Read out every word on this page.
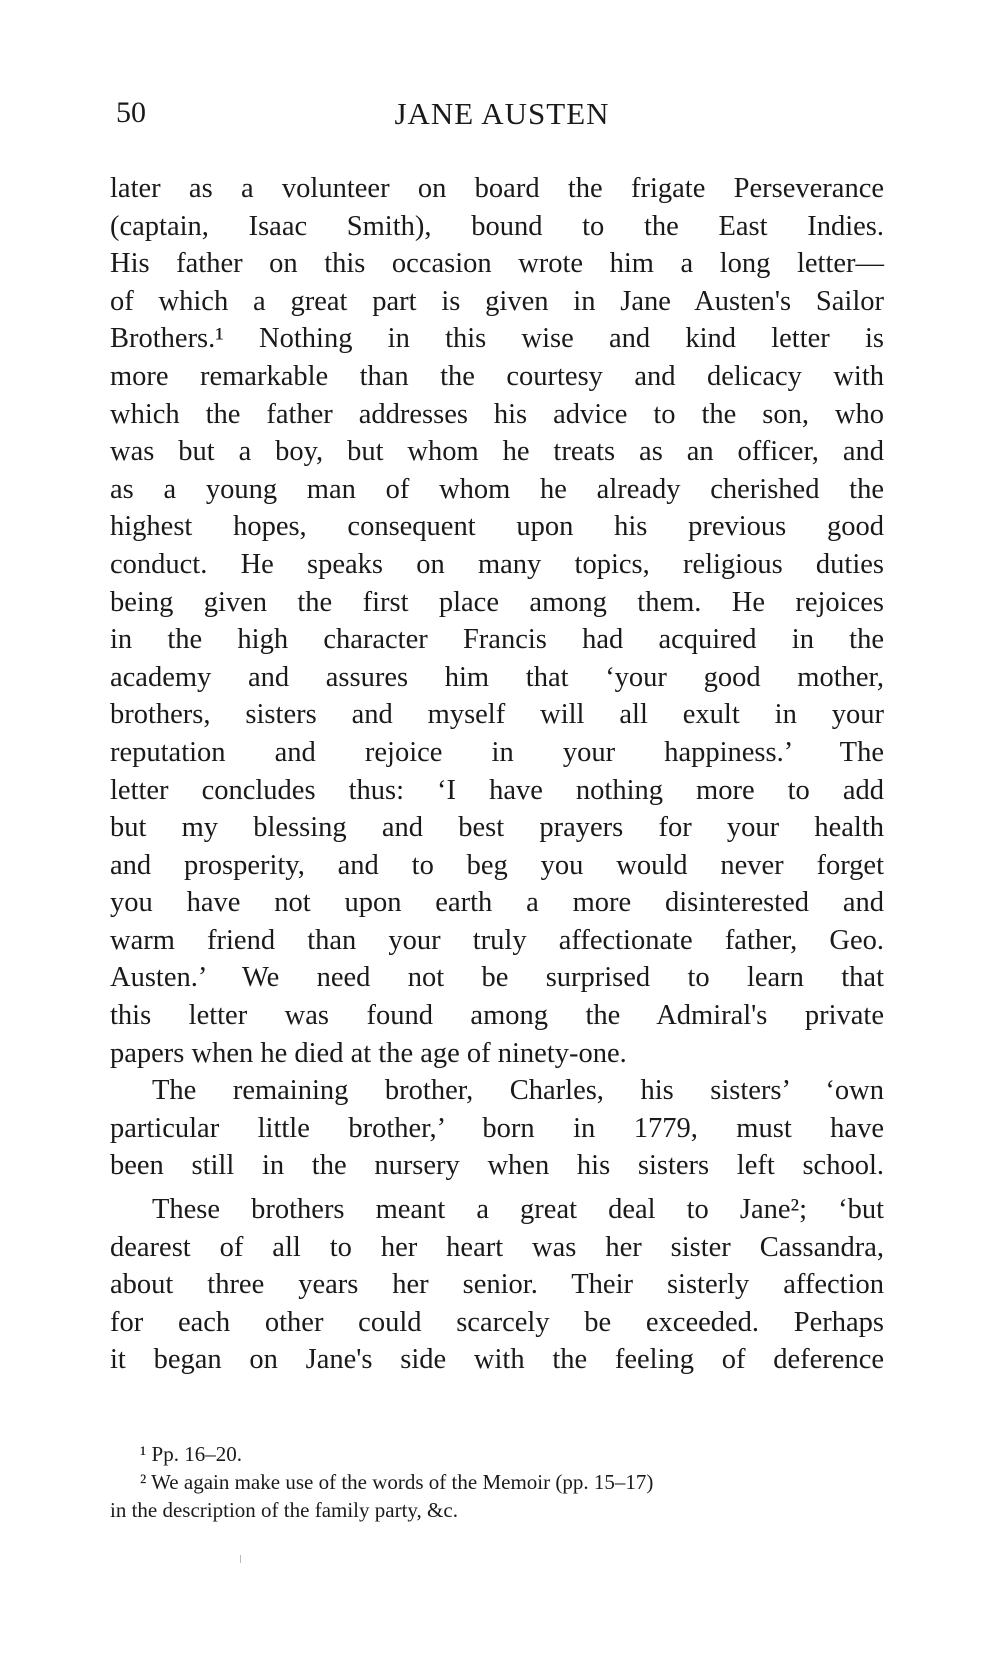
50	JANE AUSTEN
later as a volunteer on board the frigate Perseverance
(captain, Isaac Smith), bound to the East Indies.
His father on this occasion wrote him a long letter—
of which a great part is given in Jane Austen's Sailor
Brothers.¹ Nothing in this wise and kind letter is
more remarkable than the courtesy and delicacy with
which the father addresses his advice to the son, who
was but a boy, but whom he treats as an officer, and
as a young man of whom he already cherished the
highest hopes, consequent upon his previous good
conduct. He speaks on many topics, religious duties
being given the first place among them. He rejoices
in the high character Francis had acquired in the
academy and assures him that ‘your good mother,
brothers, sisters and myself will all exult in your
reputation and rejoice in your happiness.’ The
letter concludes thus: ‘I have nothing more to add
but my blessing and best prayers for your health
and prosperity, and to beg you would never forget
you have not upon earth a more disinterested and
warm friend than your truly affectionate father, Geo.
Austen.’ We need not be surprised to learn that
this letter was found among the Admiral's private
papers when he died at the age of ninety-one.
The remaining brother, Charles, his sisters’ ‘own
particular little brother,’ born in 1779, must have
been still in the nursery when his sisters left school.
These brothers meant a great deal to Jane²; ‘but
dearest of all to her heart was her sister Cassandra,
about three years her senior. Their sisterly affection
for each other could scarcely be exceeded. Perhaps
it began on Jane's side with the feeling of deference
¹ Pp. 16–20.
² We again make use of the words of the Memoir (pp. 15–17)
in the description of the family party, &c.
